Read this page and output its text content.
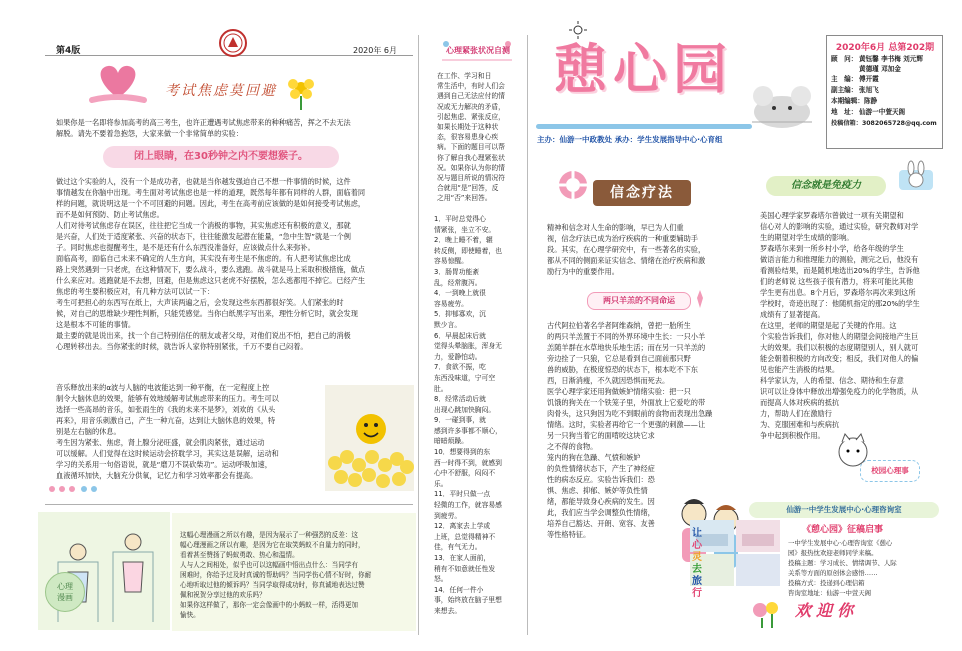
第4版	2020年 6月
考试焦虑莫回避
如果你是一名即将参加高考的高三考生，也许正遭遇考试焦虑带来的种种痛苦，挥之不去无法
解脱。请先不要着急抱怨，大家来做一个非常简单的实验：
闭上眼睛，在30秒钟之内不要想猴子。
做过这个实验的人，没有一个是成功者，也就是当你越发强迫自己不想一件事情的时候，这件
事情越发在你脑中出现。考生面对考试焦虑也是一样的道理，既然每年都有同样的人群，面临着同
样的问题，就说明这是一个不可回避的问题。因此，考生在高考前应该做的是如何接受考试焦虑，
而不是如何预防、防止考试焦虑。
人们对待考试焦虑存在误区，往往把它当成一个消极的事物，其实焦虑还有积极的意义，那就
是兴奋，人们处于适度紧张、兴奋的状态下，往往能激发起潜在能量，“急中生智”就是一个例
子。同时焦虑也提醒考生，是不是还有什么东西没准备好，应该做点什么来弥补。
面临高考，面临自己未来不确定的人生方向，其实没有考生是不焦虑的。有人把考试焦虑比成
路上突然遇到一只老虎，在这种情况下，要么战斗，要么逃跑。战斗就是马上采取积极措施，做点
什么来应对。逃跑就是不去想，回避，但是焦虑这只老虎不好摆脱，怎么逃都甩不掉它。已经产生
焦虑的考生要积极应对，有几种方法可以试一下：
考生可把担心的东西写在纸上，大声读两遍之后，会发现这些东西都很好笑。人们紧张的时
候，对自己的思维缺少理性判断，只能凭感觉。当你白纸黑字写出来，理性分析它时，就会发现
这是根本不可能的事情。
最主要的就是说出来，找一个自己特别信任的朋友或者父母，对他们说出不怕，把自己的消极
心理转移出去。当你紧张的时候，就告诉人家你特别紧张，千万不要自己闷着。
音乐释放出来的α波与人脑的电波能达到一种平衡，在一定程度上控
制令大脑休息的效果，能够有效地缓解考试焦虑带来的压力。考生可以
选择一些高昂的音乐，如张雨生的《我的未来不是梦》，刘欢的《从头
再来》，用音乐刺激自己，产生一种亢奋，达到让大脑休息的效果，特
别是左右脑的休息。
考生因为紧张、焦虑，肾上腺分泌旺盛，就会肌肉紧张，通过运动
可以缓解。人们觉得在这时候运动会挤耽学习，其实这是误解，运动和
学习的关系用一句俗语说，就是“磨刀不误砍柴功”。运动呼吸加速，
血液循环加快，大脑充分供氧，记忆力和学习效率都会有提高。
心理
漫画
这幅心理漫画之所以有趣，是因为展示了一种强烈的反差：这
幅心理漫画之所以有趣，是因为它在取笑蚂蚁不自量力的同时，
看着甚至赞扬了蚂蚁勇敢、热心和温情。
人与人之间相处，似乎也可以这幅画中悟出点什么：当同学有
困难时，你给予过及时真诚的帮助吗？当同学伤心情不好时，你耐
心地听取过他的倾诉吗？当同学取得成功时，你真诚地表达过赞
佩和祝贺分享过他的欢乐吗？
如果你这样做了，那你一定会像画中的小蚂蚁一样，活得更加
愉快。
心理紧张状况自测
在工作、学习和日
常生活中，有时人们会
遇到自己无法应付的情
况或无力解决的矛盾，
引起焦虑、紧张反应，
如果长期处于这种状
态，很容易患身心疾
病。下面的题目可以帮
你了解自我心理紧张状
况。如果你认为你的情
况与题目所说的情况符
合就用“是”回答，反
之用“否”来回答。
1．平时总觉得心
情紧张，坐立不安。
2．晚上睡不着，辗
转反侧，即使睡着，也
容易惊醒。
3．肠胃功能紊
乱，经常腹泻。
4．一到晚上就很
容易疲劳。
5．抑郁寡欢，沉
默少言。
6．早晨起床后就
觉得头晕脑胀，浑身无
力，爱静怕动。
7．食欲不振，吃
东西没味道，宁可空
肚。
8．经常活动后就
出现心跳加快胸闷。
9．一碰到事，就
感到许多事都不顺心，
暗暗烦躁。
10．想要得到的东
西一时得不到，就感到
心中不舒服，闷闷不
乐。
11．平时只做一点
轻微的工作，就容易感
到疲劳。
12．离家去上学或
上班，总觉得精神不
佳，有气无力。
13．在家人面前，
稍有不如意就任性发
怒。
14．任何一件小
事，始终放在脑子里想
来想去。
憩心园
主办：仙游一中政教处 承办：学生发展指导中心·心育组
2020年6月 总第202期
顾　问： 黄钰馨 李书梅 刘元辉
黄德瑾 邓加金
主　编： 傅开霞
副主编： 张旭飞
本期编辑： 陈静
地　址： 仙游一中萱天阁
投稿信箱： 3082065728@qq.com
信念疗法
精神和信念对人生命的影响，早已为人们重
视，信念疗法已成为治疗疾病的一种重要辅助手
段。其实，在心理学研究中，有一些著名的实验，
都从不同的侧面来证实信念、情绪在治疗疾病和激
励行为中的重要作用。
两只羊羔的不同命运
古代阿拉伯著名学者阿维森纳，曾把一胎所生
的两只羊羔置于不同的外界环境中生长：一只小羊
羔随羊群在水草地快乐地生活；而在另一只羊羔的
旁边拴了一只狼，它总是看到自己面前那只野
兽的威胁，在极度惊恐的状态下，根本吃不下东
西，日渐消瘦，不久就因恐惧而死去。
医学心理学家还用狗做嫉妒情绪实验：把一只
饥饿的狗关在一个铁笼子里，外面放上它爱吃的带
肉骨头，这只狗因为吃不到眼前的食物而表现出急躁
情绪。这时，实验者再给它一个更强的刺激——让
另一只狗当着它的面啃咬这块它求
之不得的食物。
笼内的狗在急躁、气愤和嫉妒
的负性情绪状态下，产生了神经症
性的病态反应。实验告诉我们：恐
惧、焦虑、抑郁、嫉妒等负性情
绪，都能导致身心疾病的发生。因
此，我们应当学会调整负性情绪，
培养自己豁达、开朗、宽容、友善
等性格特征。
信念就是免疫力
美国心理学家罗森塔尔曾做过一项有关期望和
信心对人的影响的实验，通过实验，研究教师对学
生的期望对学生成绩的影响。
罗森塔尔来到一所乡村小学，给各年级的学生
做语言能力和推理能力的测验，测完之后，他没有
看测验结果，而是随机地选出20%的学生，告诉他
们的老师说 这些孩子很有潜力，将来可能比其他
学生更有出息。8个月后，罗森塔尔再次来到这所
学校时，奇迹出现了：他随机指定的那20%的学生
成绩有了显著提高。
在这里，老师的期望是起了关键的作用。这
个实验告诉我们，你对他人的期望会间接地产生巨
大的效果。我们以积极的态度期望别人，别人就可
能会朝着积极的方向改变；相反，我们对他人的偏
见也能产生消极的结果。
科学家认为，人的希望、信念、期待和生存意
识可以让身体中释放出增强免疫力的化学物质，从
而提高人体对疾病的抵抗
力，帮助人们在激励行
为、克服困难和与疾病抗
争中起到积极作用。
校园心理事
仙游一中学生发展中心·心理咨询室
《憩心园》征稿启事
一中学生发展中心·心理咨询室《憩心
园》报热忱欢迎老师同学来稿。
投稿主题：学习成长、情绪调节、人际
关系等方面的原创体会感悟……
投稿方式：投递到心理信箱
咨询室地址：仙游一中萱天阁
让
心
灵
去
旅
行
欢迎你
